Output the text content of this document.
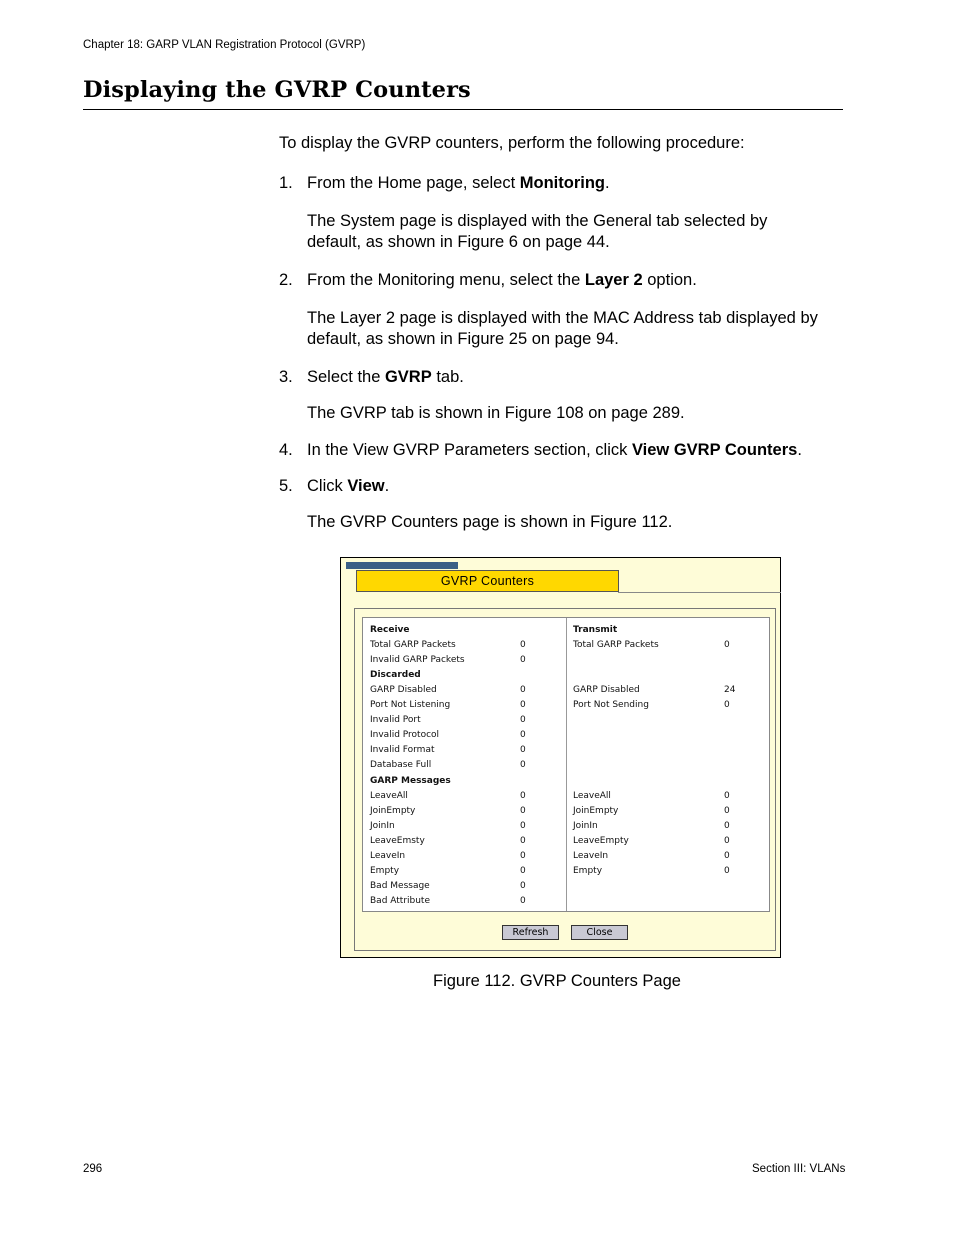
Chapter 18: GARP VLAN Registration Protocol (GVRP)
Displaying the GVRP Counters
To display the GVRP counters, perform the following procedure:
1. From the Home page, select Monitoring.
The System page is displayed with the General tab selected by default, as shown in Figure 6 on page 44.
2. From the Monitoring menu, select the Layer 2 option.
The Layer 2 page is displayed with the MAC Address tab displayed by default, as shown in Figure 25 on page 94.
3. Select the GVRP tab.
The GVRP tab is shown in Figure 108 on page 289.
4. In the View GVRP Parameters section, click View GVRP Counters.
5. Click View.
The GVRP Counters page is shown in Figure 112.
GVRP Counters
Receive
Total GARP Packets	0
Invalid GARP Packets	0
Discarded
GARP Disabled	0
Port Not Listening	0
Invalid Port	0
Invalid Protocol	0
Invalid Format	0
Database Full	0
GARP Messages
LeaveAll	0
JoinEmpty	0
JoinIn	0
LeaveEmsty	0
LeaveIn	0
Empty	0
Bad Message	0
Bad Attribute	0
Transmit
Total GARP Packets	0
GARP Disabled	24
Port Not Sending	0
LeaveAll	0
JoinEmpty	0
JoinIn	0
LeaveEmpty	0
LeaveIn	0
Empty	0
Refresh	Close
Figure 112. GVRP Counters Page
296	Section III: VLANs
